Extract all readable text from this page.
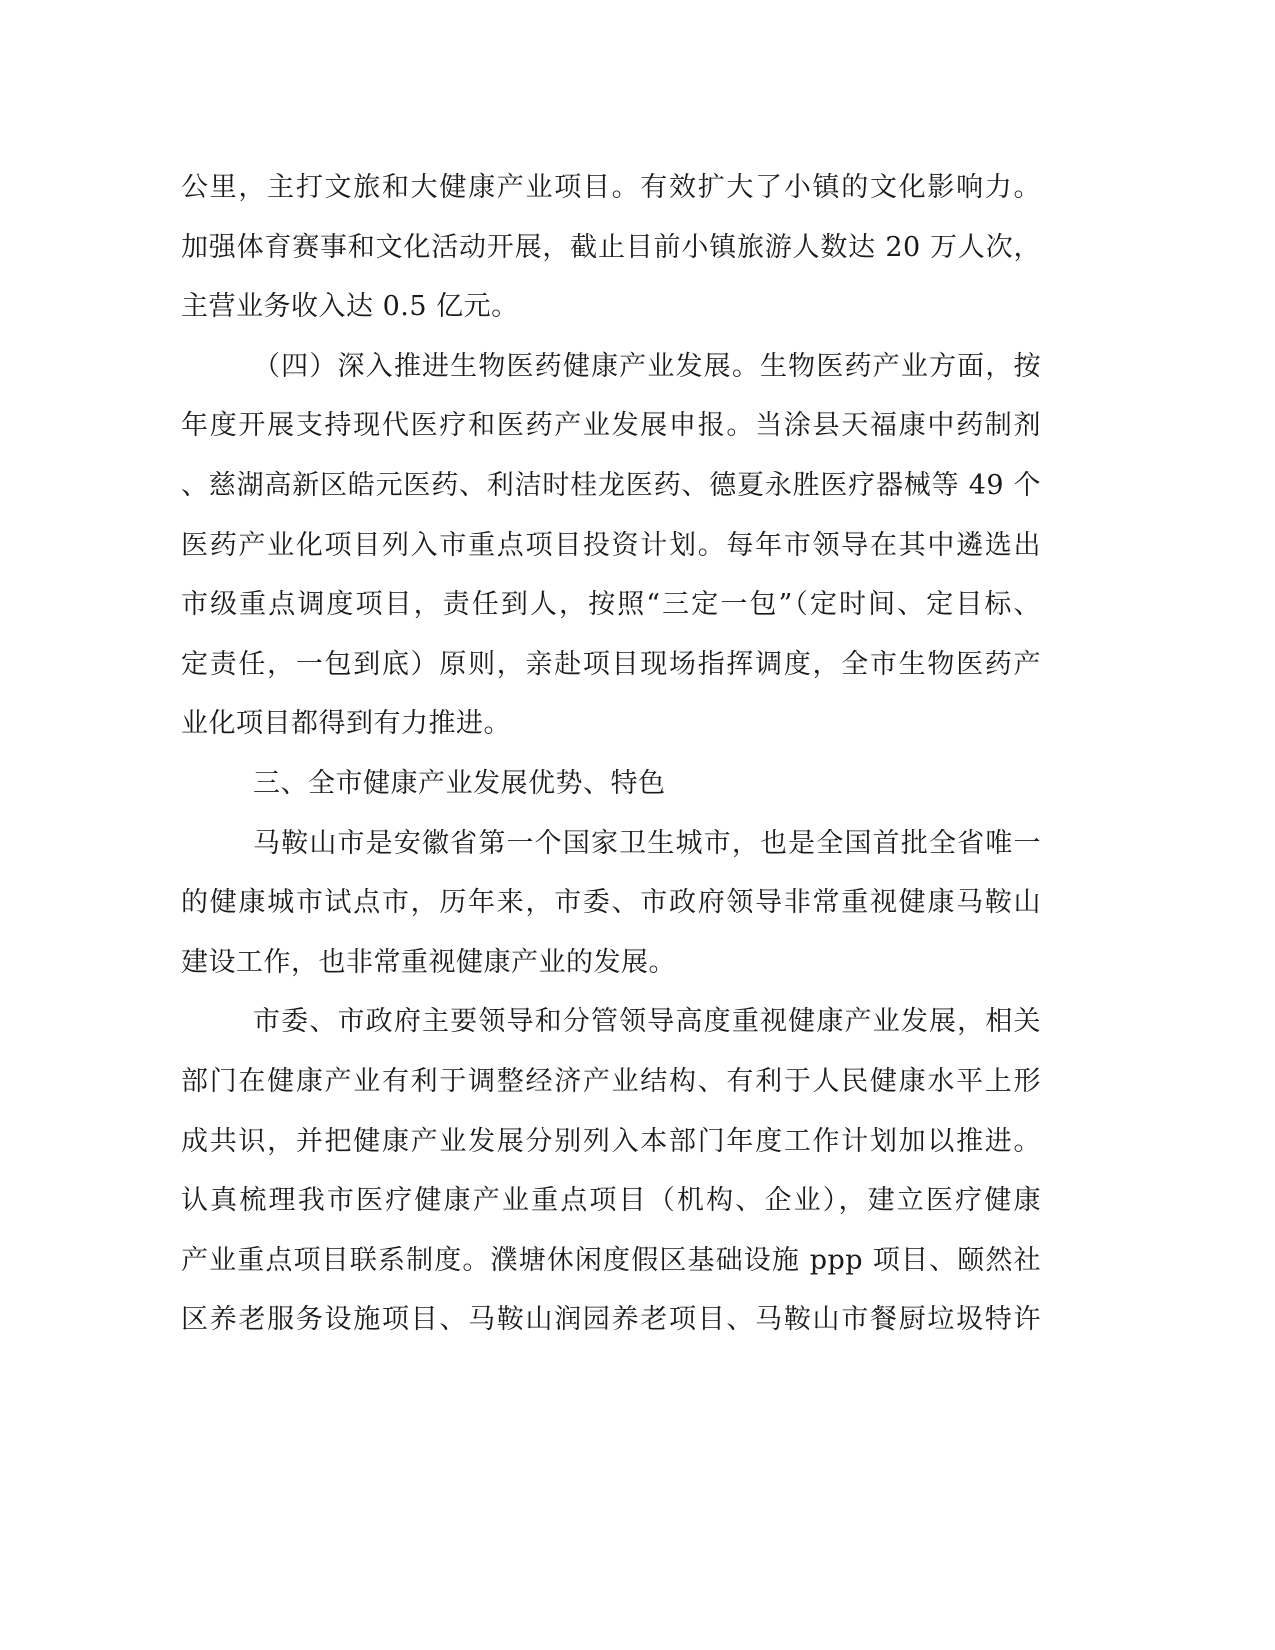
公里，主打文旅和大健康产业项目。有效扩大了小镇的文化影响力。
加强体育赛事和文化活动开展，截止目前小镇旅游人数达 20 万人次，
主营业务收入达 0.5 亿元。
（四）深入推进生物医药健康产业发展。生物医药产业方面，按
年度开展支持现代医疗和医药产业发展申报。当涂县天福康中药制剂
、慈湖高新区皓元医药、利洁时桂龙医药、德夏永胜医疗器械等 49 个
医药产业化项目列入市重点项目投资计划。每年市领导在其中遴选出
市级重点调度项目，责任到人，按照“三定一包”（定时间、定目标、
定责任，一包到底）原则，亲赴项目现场指挥调度，全市生物医药产
业化项目都得到有力推进。
三、全市健康产业发展优势、特色
马鞍山市是安徽省第一个国家卫生城市，也是全国首批全省唯一
的健康城市试点市，历年来，市委、市政府领导非常重视健康马鞍山
建设工作，也非常重视健康产业的发展。
市委、市政府主要领导和分管领导高度重视健康产业发展，相关
部门在健康产业有利于调整经济产业结构、有利于人民健康水平上形
成共识，并把健康产业发展分别列入本部门年度工作计划加以推进。
认真梳理我市医疗健康产业重点项目（机构、企业），建立医疗健康
产业重点项目联系制度。濮塘休闲度假区基础设施 ppp 项目、颐然社
区养老服务设施项目、马鞍山润园养老项目、马鞍山市餐厨垃圾特许
